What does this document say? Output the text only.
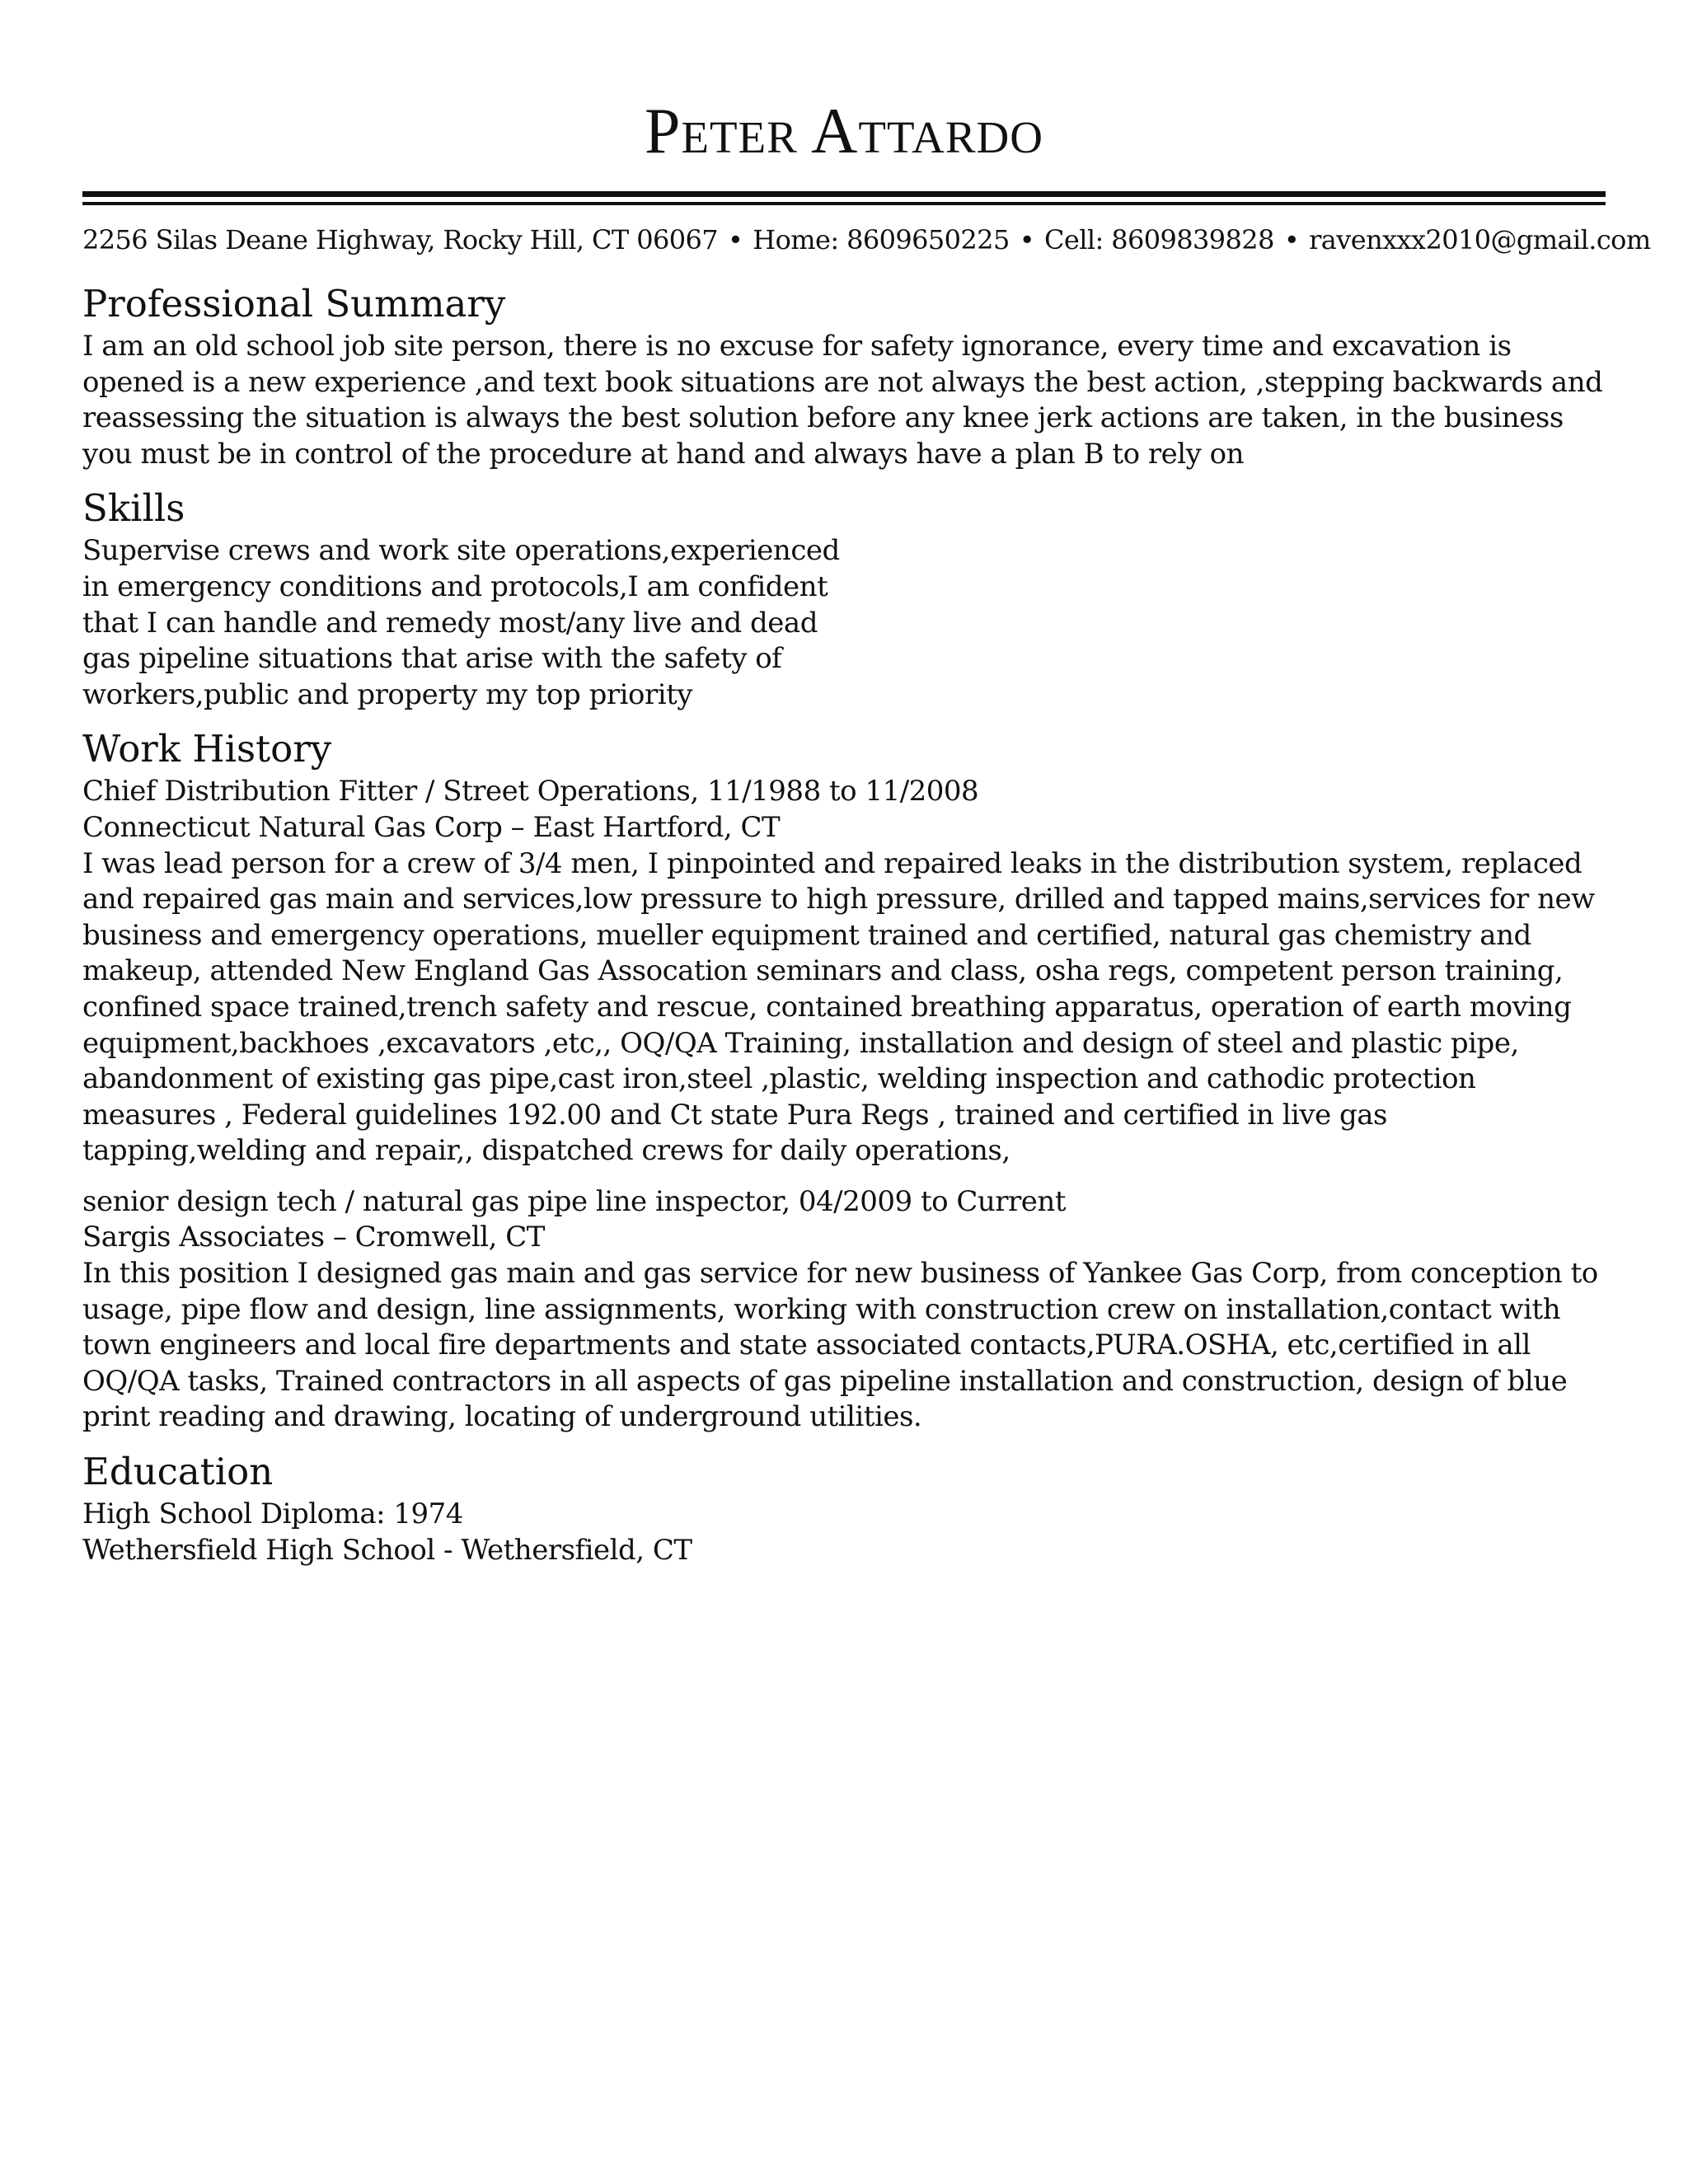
Peter Attardo
2256 Silas Deane Highway, Rocky Hill, CT 06067 • Home: 8609650225 • Cell: 8609839828 • ravenxxx2010@gmail.com
Professional Summary

I am an old school job site person, there is no excuse for safety ignorance, every time and excavation is opened is a new experience ,and text book situations are not always the best action, ,stepping backwards and reassessing the situation is always the best solution before any knee jerk actions are taken, in the business you must be in control of the procedure at hand and always have a plan B to rely on

Skills

Supervise crews and work site operations,experienced in emergency conditions and protocols,I am confident that I can handle and remedy most/any live and dead gas pipeline situations that arise with the safety of workers,public and property my top priority

Work History

Chief Distribution Fitter / Street Operations, 11/1988 to 11/2008

Connecticut Natural Gas Corp – East Hartford, CT

I was lead person for a crew of 3/4 men, I pinpointed and repaired leaks in the distribution system, replaced and repaired gas main and services,low pressure to high pressure, drilled and tapped mains,services for new business and emergency operations, mueller equipment trained and certified, natural gas chemistry and makeup, attended New England Gas Assocation seminars and class, osha regs, competent person training, confined space trained,trench safety and rescue, contained breathing apparatus, operation of earth moving equipment,backhoes ,excavators ,etc,, OQ/QA Training, installation and design of steel and plastic pipe, abandonment of existing gas pipe,cast iron,steel ,plastic, welding inspection and cathodic protection measures , Federal guidelines 192.00 and Ct state Pura Regs , trained and certified in live gas tapping,welding and repair,, dispatched crews for daily operations,

senior design tech / natural gas pipe line inspector, 04/2009 to Current

Sargis Associates – Cromwell, CT

In this position I designed gas main and gas service for new business of Yankee Gas Corp, from conception to usage, pipe flow and design, line assignments, working with construction crew on installation,contact with town engineers and local fire departments and state associated contacts,PURA.OSHA, etc,certified in all OQ/QA tasks, Trained contractors in all aspects of gas pipeline installation and construction, design of blue print reading and drawing, locating of underground utilities.

Education

High School Diploma: 1974

Wethersfield High School - Wethersfield, CT
